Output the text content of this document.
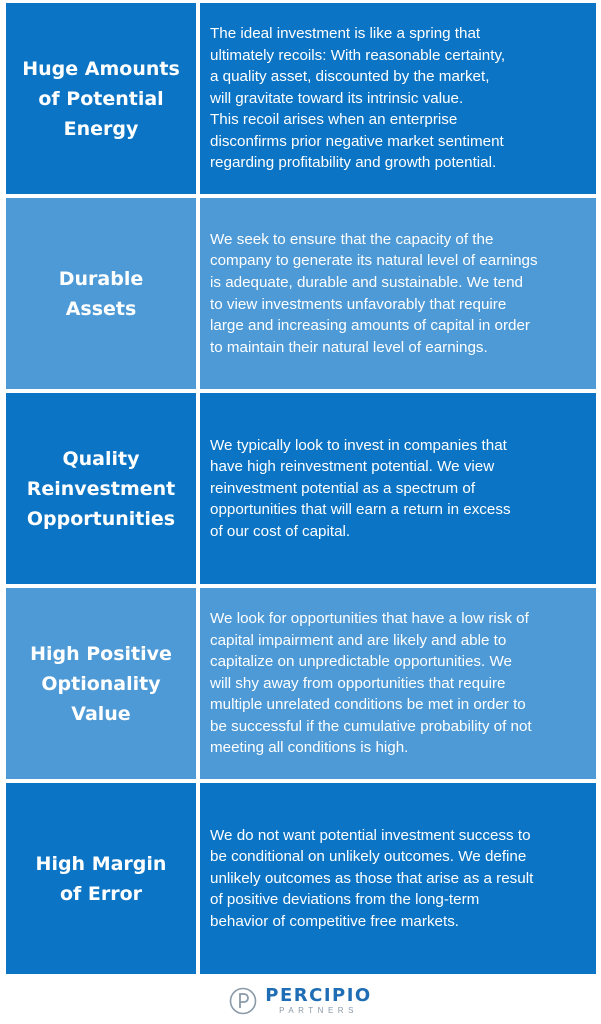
Huge Amounts
of Potential
Energy

The ideal investment is like a spring that
ultimately recoils: With reasonable certainty,
a quality asset, discounted by the market,
will gravitate toward its intrinsic value.
This recoil arises when an enterprise
disconfirms prior negative market sentiment
regarding profitability and growth potential.

Durable
Assets

We seek to ensure that the capacity of the
company to generate its natural level of earnings
is adequate, durable and sustainable. We tend
to view investments unfavorably that require
large and increasing amounts of capital in order
to maintain their natural level of earnings.

Quality
Reinvestment
Opportunities

We typically look to invest in companies that
have high reinvestment potential. We view
reinvestment potential as a spectrum of
opportunities that will earn a return in excess
of our cost of capital.

High Positive
Optionality
Value

We look for opportunities that have a low risk of
capital impairment and are likely and able to
capitalize on unpredictable opportunities. We
will shy away from opportunities that require
multiple unrelated conditions be met in order to
be successful if the cumulative probability of not
meeting all conditions is high.

High Margin
of Error

We do not want potential investment success to
be conditional on unlikely outcomes. We define
unlikely outcomes as those that arise as a result
of positive deviations from the long-term
behavior of competitive free markets.

PERCIPIO
PARTNERS
